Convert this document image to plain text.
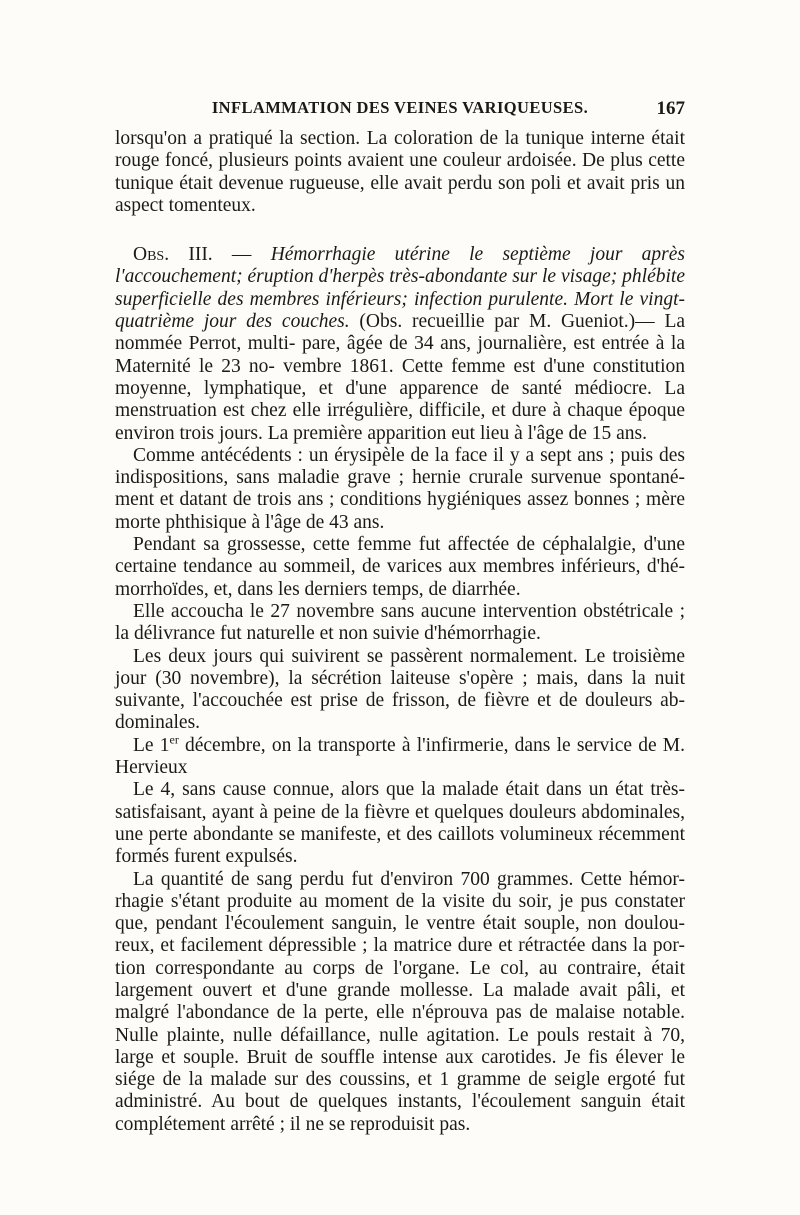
INFLAMMATION DES VEINES VARIQUEUSES.	167

lorsqu'on a pratiqué la section. La coloration de la tunique interne était rouge foncé, plusieurs points avaient une couleur ardoisée. De plus cette tunique était devenue rugueuse, elle avait perdu son poli et avait pris un aspect tomenteux.

Obs. III. — Hémorrhagie utérine le septième jour après l'accouchement; éruption d'herpès très-abondante sur le visage; phlébite superficielle des membres inférieurs; infection purulente. Mort le vingt-quatrième jour des couches. (Obs. recueillie par M. Gueniot.)— La nommée Perrot, multi- pare, âgée de 34 ans, journalière, est entrée à la Maternité le 23 no- vembre 1861. Cette femme est d'une constitution moyenne, lymphatique, et d'une apparence de santé médiocre. La menstruation est chez elle irrégulière, difficile, et dure à chaque époque environ trois jours. La première apparition eut lieu à l'âge de 15 ans.

Comme antécédents : un érysipèle de la face il y a sept ans ; puis des indispositions, sans maladie grave ; hernie crurale survenue spontané- ment et datant de trois ans ; conditions hygiéniques assez bonnes ; mère morte phthisique à l'âge de 43 ans.

Pendant sa grossesse, cette femme fut affectée de céphalalgie, d'une certaine tendance au sommeil, de varices aux membres inférieurs, d'hé- morrhoïdes, et, dans les derniers temps, de diarrhée.

Elle accoucha le 27 novembre sans aucune intervention obstétricale ; la délivrance fut naturelle et non suivie d'hémorrhagie.

Les deux jours qui suivirent se passèrent normalement. Le troisième jour (30 novembre), la sécrétion laiteuse s'opère ; mais, dans la nuit suivante, l'accouchée est prise de frisson, de fièvre et de douleurs ab- dominales.

Le 1er décembre, on la transporte à l'infirmerie, dans le service de M. Hervieux

Le 4, sans cause connue, alors que la malade était dans un état très- satisfaisant, ayant à peine de la fièvre et quelques douleurs abdominales, une perte abondante se manifeste, et des caillots volumineux récemment formés furent expulsés.

La quantité de sang perdu fut d'environ 700 grammes. Cette hémor- rhagie s'étant produite au moment de la visite du soir, je pus constater que, pendant l'écoulement sanguin, le ventre était souple, non doulou- reux, et facilement dépressible ; la matrice dure et rétractée dans la por- tion correspondante au corps de l'organe. Le col, au contraire, était largement ouvert et d'une grande mollesse. La malade avait pâli, et malgré l'abondance de la perte, elle n'éprouva pas de malaise notable. Nulle plainte, nulle défaillance, nulle agitation. Le pouls restait à 70, large et souple. Bruit de souffle intense aux carotides. Je fis élever le siége de la malade sur des coussins, et 1 gramme de seigle ergoté fut administré. Au bout de quelques instants, l'écoulement sanguin était complétement arrêté ; il ne se reproduisit pas.
